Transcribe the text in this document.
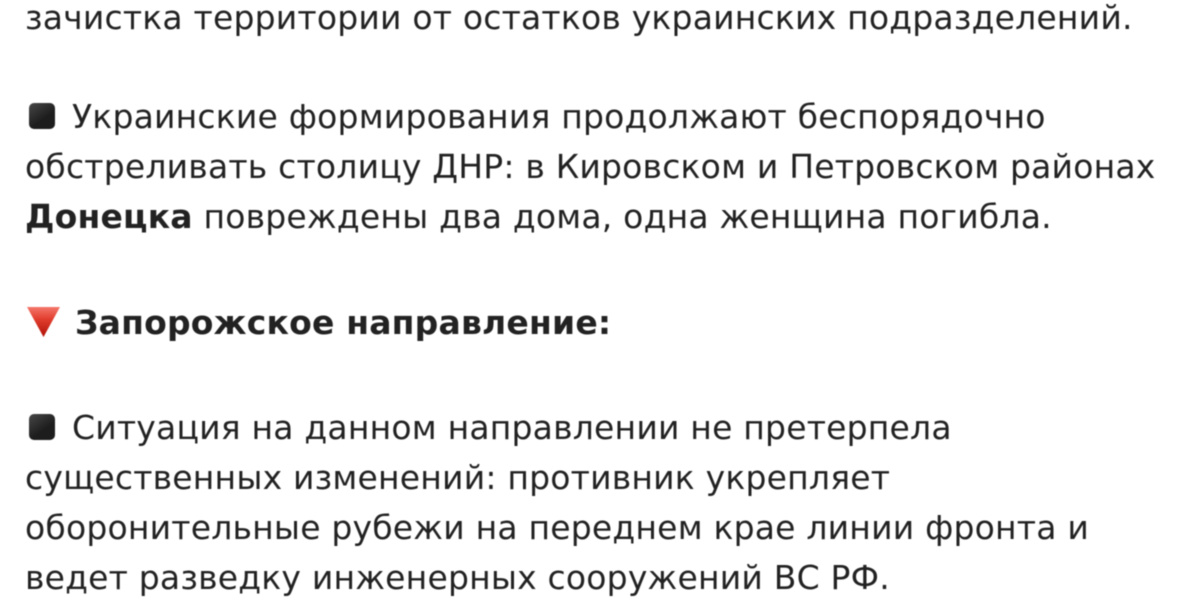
зачистка территории от остатков украинских подразделений.

Украинские формирования продолжают беспорядочно
обстреливать столицу ДНР: в Кировском и Петровском районах
Донецка повреждены два дома, одна женщина погибла.

Запорожское направление:

Ситуация на данном направлении не претерпела
существенных изменений: противник укрепляет
оборонительные рубежи на переднем крае линии фронта и
ведет разведку инженерных сооружений ВС РФ.
